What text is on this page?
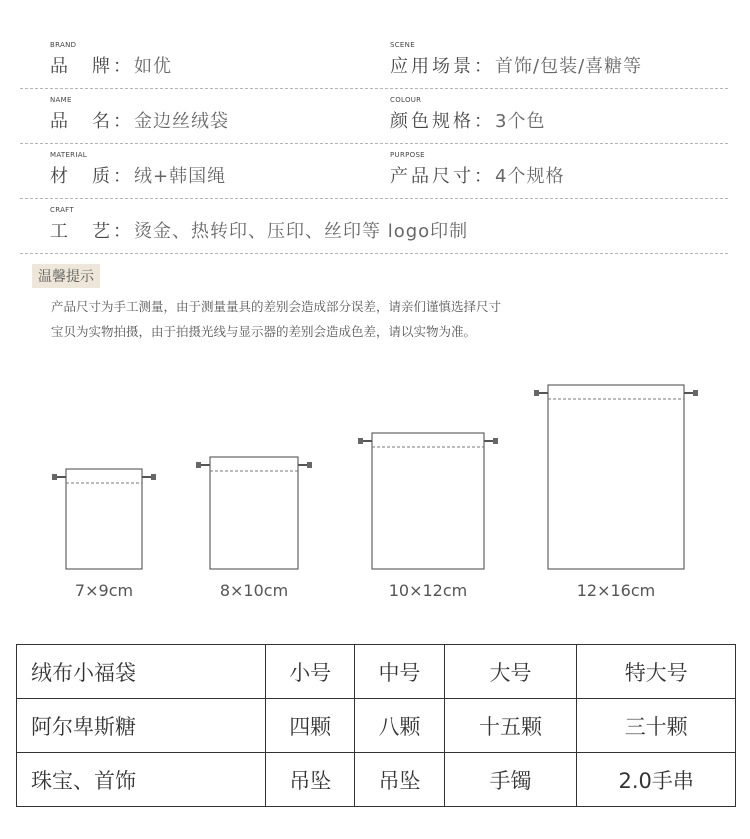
BRAND
品　牌：如优
SCENE
应用场景：首饰/包装/喜糖等
NAME
品　名：金边丝绒袋
COLOUR
颜色规格：3个色
MATERIAL
材　质：绒+韩国绳
PURPOSE
产品尺寸：4个规格
CRAFT
工　艺：烫金、热转印、压印、丝印等 logo印制
温馨提示
产品尺寸为手工测量，由于测量量具的差别会造成部分误差，请亲们谨慎选择尺寸
宝贝为实物拍摄，由于拍摄光线与显示器的差别会造成色差，请以实物为准。
7×9cm	8×10cm	10×12cm	12×16cm
绒布小福袋	小号	中号	大号	特大号
阿尔卑斯糖	四颗	八颗	十五颗	三十颗
珠宝、首饰	吊坠	吊坠	手镯	2.0手串
